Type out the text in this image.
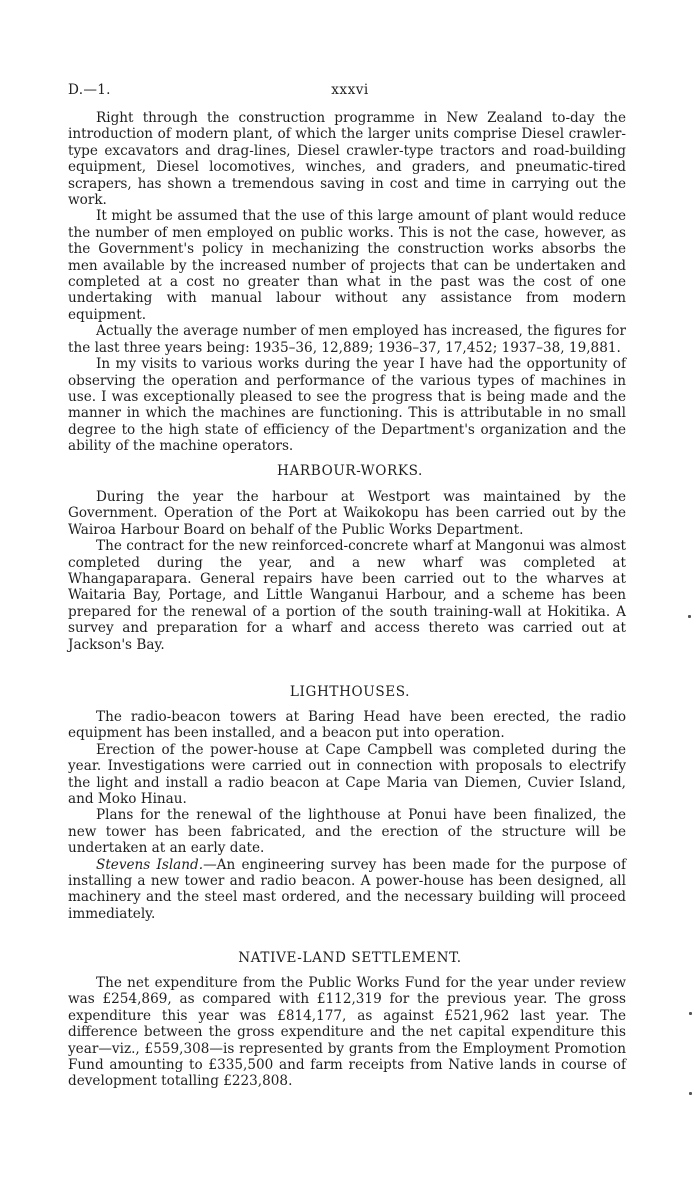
D.—1.	xxxvi

Right through the construction programme in New Zealand to-day the introduction of modern plant, of which the larger units comprise Diesel crawler-type excavators and drag-lines, Diesel crawler-type tractors and road-building equipment, Diesel locomotives, winches, and graders, and pneumatic-tired scrapers, has shown a tremendous saving in cost and time in carrying out the work.

It might be assumed that the use of this large amount of plant would reduce the number of men employed on public works. This is not the case, however, as the Government's policy in mechanizing the construction works absorbs the men available by the increased number of projects that can be undertaken and completed at a cost no greater than what in the past was the cost of one undertaking with manual labour without any assistance from modern equipment.

Actually the average number of men employed has increased, the figures for the last three years being: 1935–36, 12,889; 1936–37, 17,452; 1937–38, 19,881.

In my visits to various works during the year I have had the opportunity of observing the operation and performance of the various types of machines in use. I was exceptionally pleased to see the progress that is being made and the manner in which the machines are functioning. This is attributable in no small degree to the high state of efficiency of the Department's organization and the ability of the machine operators.

HARBOUR-WORKS.

During the year the harbour at Westport was maintained by the Government. Operation of the Port at Waikokopu has been carried out by the Wairoa Harbour Board on behalf of the Public Works Department.

The contract for the new reinforced-concrete wharf at Mangonui was almost completed during the year, and a new wharf was completed at Whangaparapara. General repairs have been carried out to the wharves at Waitaria Bay, Portage, and Little Wanganui Harbour, and a scheme has been prepared for the renewal of a portion of the south training-wall at Hokitika. A survey and preparation for a wharf and access thereto was carried out at Jackson's Bay.

LIGHTHOUSES.

The radio-beacon towers at Baring Head have been erected, the radio equipment has been installed, and a beacon put into operation.

Erection of the power-house at Cape Campbell was completed during the year. Investigations were carried out in connection with proposals to electrify the light and install a radio beacon at Cape Maria van Diemen, Cuvier Island, and Moko Hinau.

Plans for the renewal of the lighthouse at Ponui have been finalized, the new tower has been fabricated, and the erection of the structure will be undertaken at an early date.

Stevens Island.—An engineering survey has been made for the purpose of installing a new tower and radio beacon. A power-house has been designed, all machinery and the steel mast ordered, and the necessary building will proceed immediately.

NATIVE-LAND SETTLEMENT.

The net expenditure from the Public Works Fund for the year under review was £254,869, as compared with £112,319 for the previous year. The gross expenditure this year was £814,177, as against £521,962 last year. The difference between the gross expenditure and the net capital expenditure this year—viz., £559,308—is represented by grants from the Employment Promotion Fund amounting to £335,500 and farm receipts from Native lands in course of development totalling £223,808.
